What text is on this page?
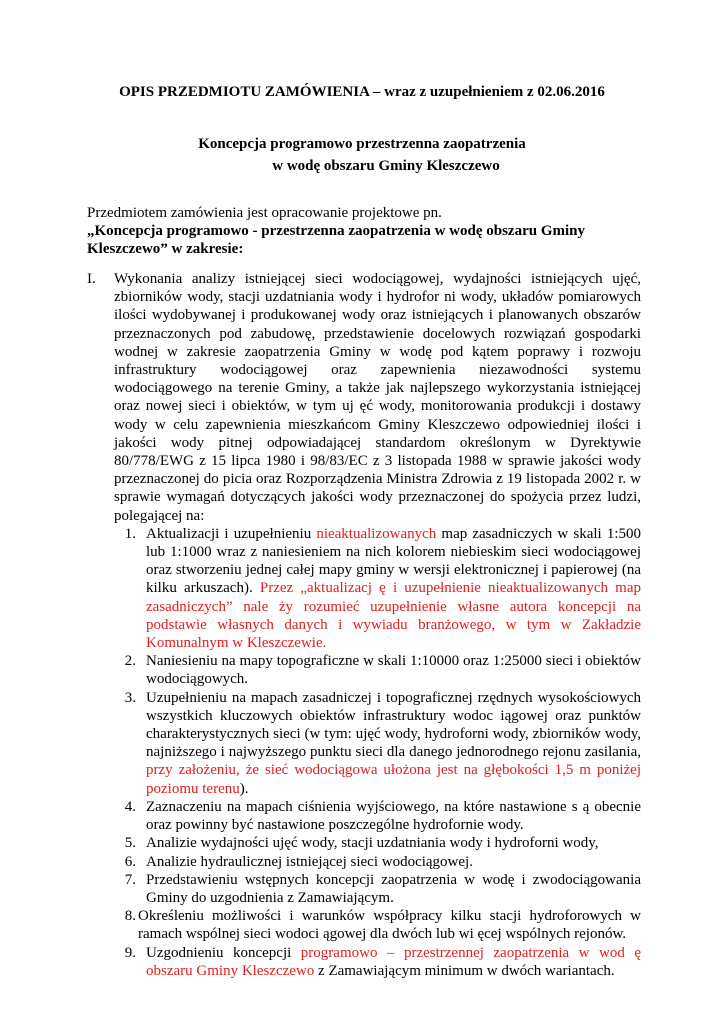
OPIS PRZEDMIOTU ZAMÓWIENIA – wraz z uzupełnieniem z 02.06.2016
Koncepcja programowo przestrzenna zaopatrzenia
w wodę obszaru Gminy Kleszczewo
Przedmiotem zamówienia jest opracowanie projektowe pn.
„Koncepcja programowo - przestrzenna zaopatrzenia w wodę obszaru Gminy Kleszczewo” w zakresie:
I. Wykonania analizy istniejącej sieci wodociągowej, wydajności istniejących ujęć, zbiorników wody, stacji uzdatniania wody i hydrofor ni wody, układów pomiarowych ilości wydobywanej i produkowanej wody oraz istniejących i planowanych obszarów przeznaczonych pod zabudowę, przedstawienie docelowych rozwiązań gospodarki wodnej w zakresie zaopatrzenia Gminy w wodę pod kątem poprawy i rozwoju infrastruktury wodociągowej oraz zapewnienia niezawodności systemu wodociągowego na terenie Gminy, a także jak najlepszego wykorzystania istniejącej oraz nowej sieci i obiektów, w tym uj ęć wody, monitorowania produkcji i dostawy wody w celu zapewnienia mieszkańcom Gminy Kleszczewo odpowiedniej ilości i jakości wody pitnej odpowiadającej standardom określonym w Dyrektywie 80/778/EWG z 15 lipca 1980 i 98/83/EC z 3 listopada 1988 w sprawie jakości wody przeznaczonej do picia oraz Rozporządzenia Ministra Zdrowia z 19 listopada 2002 r. w sprawie wymagań dotyczących jakości wody przeznaczonej do spożycia przez ludzi, polegającej na:

1. Aktualizacji i uzupełnieniu nieaktualizowanych map zasadniczych w skali 1:500 lub 1:1000 wraz z naniesieniem na nich kolorem niebieskim sieci wodociągowej oraz stworzeniu jednej całej mapy gminy w wersji elektronicznej i papierowej (na kilku arkuszach). Przez „aktualizacj ę i uzupełnienie nieaktualizowanych map zasadniczych” nale ży rozumieć uzupełnienie własne autora koncepcji na podstawie własnych danych i wywiadu branżowego, w tym w Zakładzie Komunalnym w Kleszczewie.
2. Naniesieniu na mapy topograficzne w skali 1:10000 oraz 1:25000 sieci i obiektów wodociągowych.
3. Uzupełnieniu na mapach zasadniczej i topograficznej rzędnych wysokościowych wszystkich kluczowych obiektów infrastruktury wodoc iągowej oraz punktów charakterystycznych sieci (w tym: ujęć wody, hydroforni wody, zbiorników wody, najniższego i najwyższego punktu sieci dla danego jednorodnego rejonu zasilania, przy założeniu, że sieć wodociągowa ułożona jest na głębokości 1,5 m poniżej poziomu terenu).
4. Zaznaczeniu na mapach ciśnienia wyjściowego, na które nastawione s ą obecnie oraz powinny być nastawione poszczególne hydrofornie wody.
5. Analizie wydajności ujęć wody, stacji uzdatniania wody i hydroforni wody,
6. Analizie hydraulicznej istniejącej sieci wodociągowej.
7. Przedstawieniu wstępnych koncepcji zaopatrzenia w wodę i zwodociągowania Gminy do uzgodnienia z Zamawiającym.
8. Określeniu możliwości i warunków współpracy kilku stacji hydroforowych w ramach wspólnej sieci wodoci ągowej dla dwóch lub wi ęcej wspólnych rejonów.
9. Uzgodnieniu koncepcji programowo – przestrzennej zaopatrzenia w wod ę obszaru Gminy Kleszczewo z Zamawiającym minimum w dwóch wariantach.
